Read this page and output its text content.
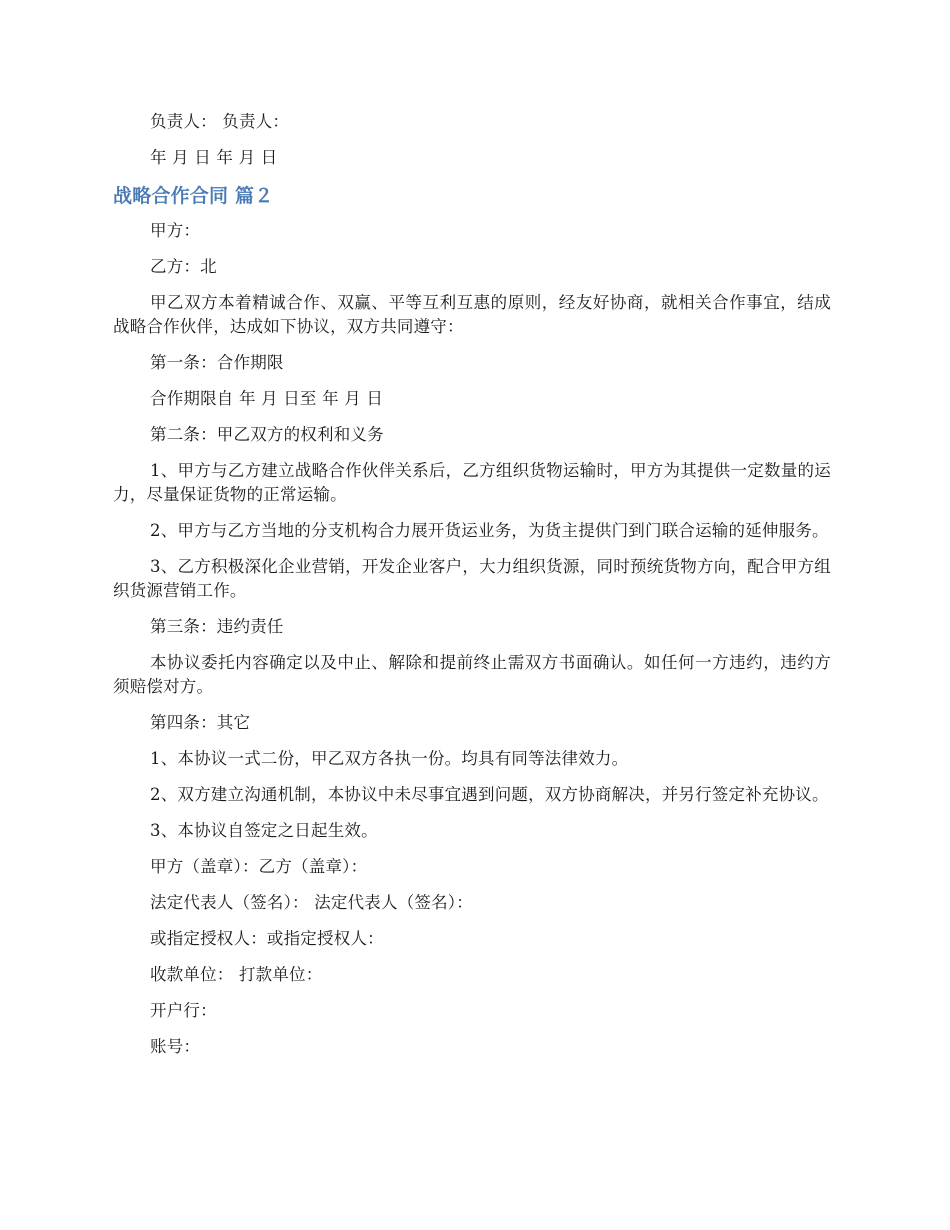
负责人： 负责人：

年 月 日 年 月 日

战略合作合同 篇２

甲方：

乙方：北

甲乙双方本着精诚合作、双赢、平等互利互惠的原则，经友好协商，就相关合作事宜，结成战略合作伙伴，达成如下协议，双方共同遵守：

第一条：合作期限

合作期限自 年 月 日至 年 月 日

第二条：甲乙双方的权利和义务

1、甲方与乙方建立战略合作伙伴关系后，乙方组织货物运输时，甲方为其提供一定数量的运力，尽量保证货物的正常运输。

2、甲方与乙方当地的分支机构合力展开货运业务，为货主提供门到门联合运输的延伸服务。

3、乙方积极深化企业营销，开发企业客户，大力组织货源，同时预统货物方向，配合甲方组织货源营销工作。

第三条：违约责任

本协议委托内容确定以及中止、解除和提前终止需双方书面确认。如任何一方违约，违约方须赔偿对方。

第四条：其它

1、本协议一式二份，甲乙双方各执一份。均具有同等法律效力。

2、双方建立沟通机制，本协议中未尽事宜遇到问题，双方协商解决，并另行签定补充协议。

3、本协议自签定之日起生效。

甲方（盖章）：乙方（盖章）：

法定代表人（签名）： 法定代表人（签名）：

或指定授权人：或指定授权人：

收款单位： 打款单位：

开户行：

账号：
